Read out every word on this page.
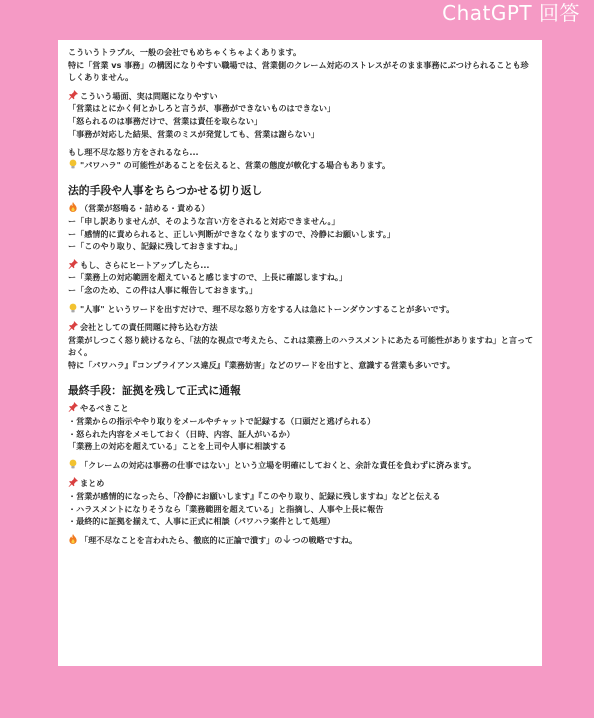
ChatGPT 回答
こういうトラブル、一般の会社でもめちゃくちゃよくあります。
特に「営業 vs 事務」の構図になりやすい職場では、営業側のクレーム対応のストレスがそのまま事務にぶつけられることも珍しくありません。
こういう場面、実は問題になりやすい
「営業はとにかく何とかしろと言うが、事務ができないものはできない」
「怒られるのは事務だけで、営業は責任を取らない」
「事務が対応した結果、営業のミスが発覚しても、営業は謝らない」
もし理不尽な怒り方をされるなら...
"パワハラ" の可能性があることを伝えると、営業の態度が軟化する場合もあります。
法的手段や人事をちらつかせる切り返し
（営業が怒鳴る・詰める・責める）
ー「申し訳ありませんが、そのような言い方をされると対応できません。」
ー「感情的に責められると、正しい判断ができなくなりますので、冷静にお願いします。」
ー「このやり取り、記録に残しておきますね。」
もし、さらにヒートアップしたら...
ー「業務上の対応範囲を超えていると感じますので、上長に確認しますね。」
ー「念のため、この件は人事に報告しておきます。」
"人事" というワードを出すだけで、理不尽な怒り方をする人は急にトーンダウンすることが多いです。
会社としての責任問題に持ち込む方法
営業がしつこく怒り続けるなら、「法的な視点で考えたら、これは業務上のハラスメントにあたる可能性がありますね」と言っておく。
特に「パワハラ』『コンプライアンス違反』『業務妨害」などのワードを出すと、意識する営業も多いです。
最終手段：証拠を残して正式に通報
やるべきこと
・営業からの指示ややり取りをメールやチャットで記録する（口頭だと逃げられる）
・怒られた内容をメモしておく（日時、内容、証人がいるか）
「業務上の対応を超えている」ことを上司や人事に相談する
「クレームの対応は事務の仕事ではない」という立場を明確にしておくと、余計な責任を負わずに済みます。
まとめ
・営業が感情的になったら、「冷静にお願いします』『このやり取り、記録に残しますね」などと伝える
・ハラスメントになりそうなら「業務範囲を超えている」と指摘し、人事や上長に報告
・最終的に証拠を揃えて、人事に正式に相談（パワハラ案件として処理）
「理不尽なことを言われたら、徹底的に正論で潰す」の つの戦略ですね。
